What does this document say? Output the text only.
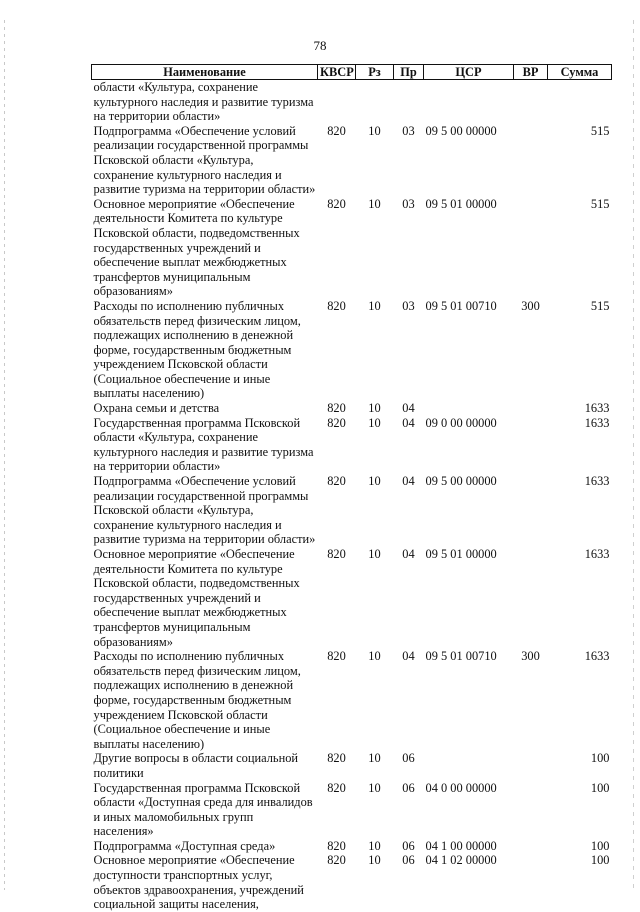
78
Наименование	КВСР	Рз	Пр	ЦСР	ВР	Сумма
области «Культура, сохранение культурного наследия и развитие туризма на территории области»						
Подпрограмма «Обеспечение условий реализации государственной программы Псковской области «Культура, сохранение культурного наследия и развитие туризма на территории области»	820	10	03	09 5 00 00000		515
Основное мероприятие «Обеспечение деятельности Комитета по культуре Псковской области, подведомственных государственных учреждений и обеспечение выплат межбюджетных трансфертов муниципальным образованиям»	820	10	03	09 5 01 00000		515
Расходы по исполнению публичных обязательств перед физическим лицом, подлежащих исполнению в денежной форме, государственным бюджетным учреждением Псковской области (Социальное обеспечение и иные выплаты населению)	820	10	03	09 5 01 00710	300	515
Охрана семьи и детства	820	10	04			1633
Государственная программа Псковской области «Культура, сохранение культурного наследия и развитие туризма на территории области»	820	10	04	09 0 00 00000		1633
Подпрограмма «Обеспечение условий реализации государственной программы Псковской области «Культура, сохранение культурного наследия и развитие туризма на территории области»	820	10	04	09 5 00 00000		1633
Основное мероприятие «Обеспечение деятельности Комитета по культуре Псковской области, подведомственных государственных учреждений и обеспечение выплат межбюджетных трансфертов муниципальным образованиям»	820	10	04	09 5 01 00000		1633
Расходы по исполнению публичных обязательств перед физическим лицом, подлежащих исполнению в денежной форме, государственным бюджетным учреждением Псковской области (Социальное обеспечение и иные выплаты населению)	820	10	04	09 5 01 00710	300	1633
Другие вопросы в области социальной политики	820	10	06			100
Государственная программа Псковской области «Доступная среда для инвалидов и иных маломобильных групп населения»	820	10	06	04 0 00 00000		100
Подпрограмма «Доступная среда»	820	10	06	04 1 00 00000		100
Основное мероприятие «Обеспечение доступности транспортных услуг, объектов здравоохранения, учреждений социальной защиты населения,	820	10	06	04 1 02 00000		100
